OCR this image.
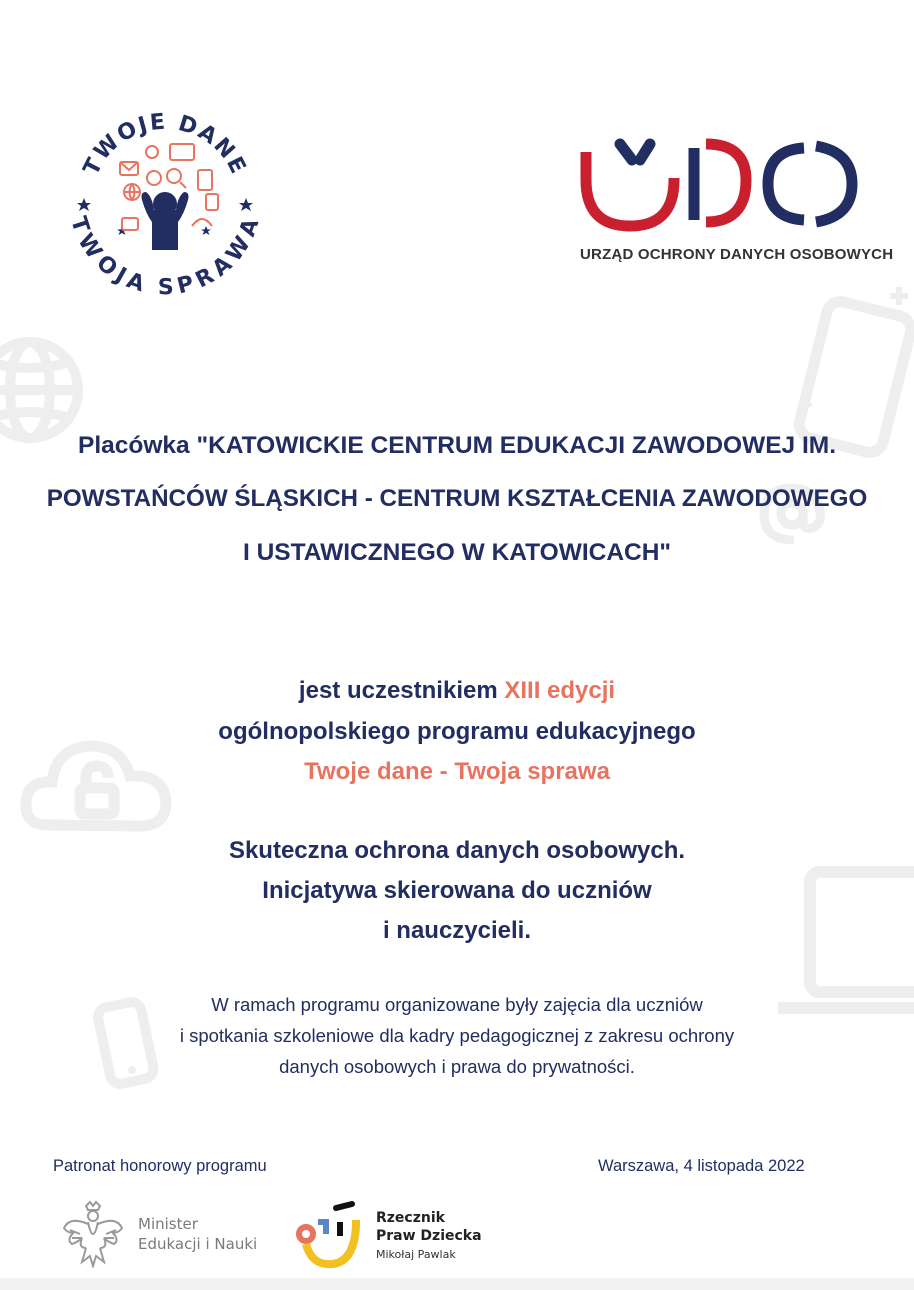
TWOJE DANE
WOJA SPRAW	URZĄD OCHRONY DANYCH OSOBOWYCH
Placówka "KATOWICKIE CENTRUM EDUKACJI ZAWODOWEJ IM.
POWSTAŃCÓW ŚLĄSKICH - CENTRUM KSZTAŁCENIA ZAWODOWEGO
I USTAWICZNEGO W KATOWICACH"
jest uczestnikiem XIII edycji
ogólnopolskiego programu edukacyjnego
Twoje dane - Twoja sprawa
Skuteczna ochrona danych osobowych.
Inicjatywa skierowana do uczniów
i nauczycieli.
W ramach programu organizowane były zajęcia dla uczniów
i spotkania szkoleniowe dla kadry pedagogicznej z zakresu ochrony
danych osobowych i prawa do prywatności.
Patronat honorowy programu	Warszawa, 4 listopada 2022
Minister
Edukacji i Nauki
Rzecznik
Praw Dziecka
Mikołaj Pawlak
